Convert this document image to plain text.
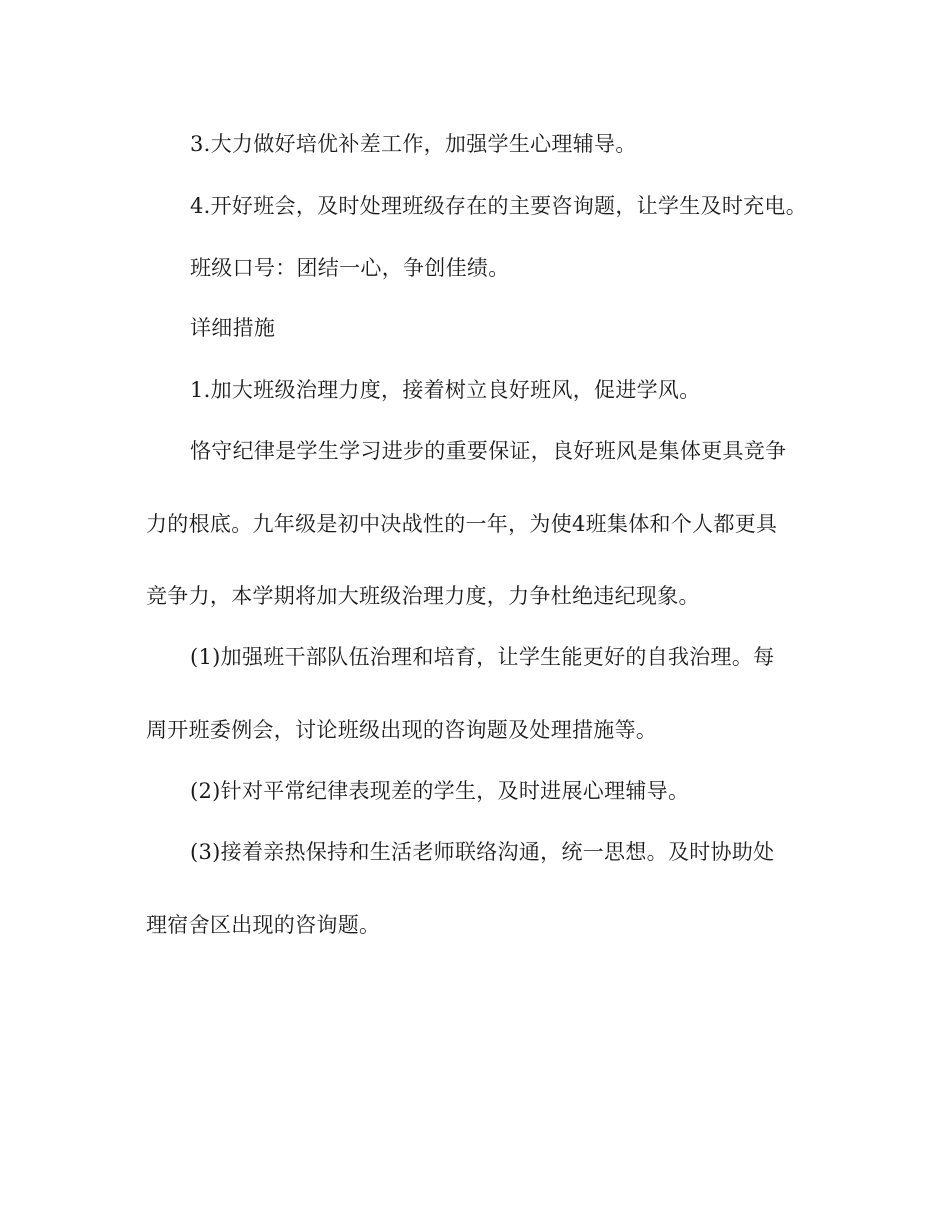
3.大力做好培优补差工作，加强学生心理辅导。
4.开好班会，及时处理班级存在的主要咨询题，让学生及时充电。
班级口号：团结一心，争创佳绩。
详细措施
1.加大班级治理力度，接着树立良好班风，促进学风。
恪守纪律是学生学习进步的重要保证，良好班风是集体更具竞争
力的根底。九年级是初中决战性的一年，为使4班集体和个人都更具
竞争力，本学期将加大班级治理力度，力争杜绝违纪现象。
(1)加强班干部队伍治理和培育，让学生能更好的自我治理。每
周开班委例会，讨论班级出现的咨询题及处理措施等。
(2)针对平常纪律表现差的学生，及时进展心理辅导。
(3)接着亲热保持和生活老师联络沟通，统一思想。及时协助处
理宿舍区出现的咨询题。
